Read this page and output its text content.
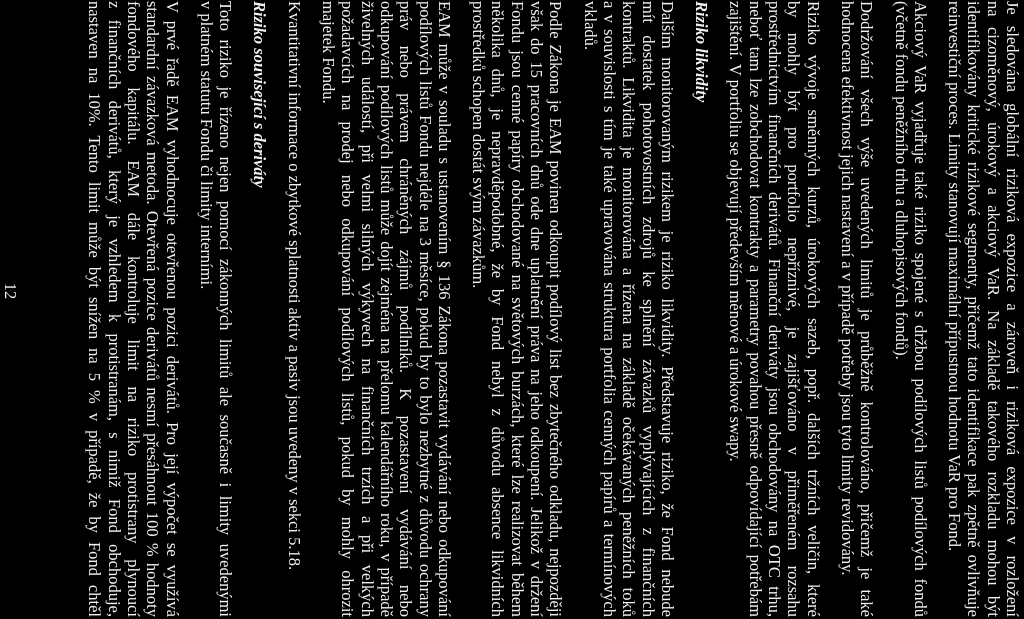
Je sledována globální riziková expozice a zároveň i riziková expozice v rozložení
na cizoměnový, úrokový a akciový VaR. Na základě takového rozkladu mohou být
identifikovány kritické rizikové segmenty, přičemž tato identifikace pak zpětně ovlivňuje
reinvestiční proces. Limity stanovují maximální přípustnou hodnotu VaR pro Fond.
Akciový VaR vyjadřuje také riziko spojené s držbou podílových listů podílových fondů
(včetně fondu peněžního trhu a dluhopisových fondů).
Dodržování všech výše uvedených limitů je průběžně kontrolováno, přičemž je také
hodnocena efektivnost jejich nastavení a v případě potřeby jsou tyto limity revidovány.
Riziko vývoje směnných kurzů, úrokových sazeb, popř. dalších tržních veličin, které
by mohly být pro portfolio nepříznivé, je zajišťováno v přiměřeném rozsahu
prostřednictvím finančních derivátů. Finanční deriváty jsou obchodovány na OTC trhu,
neboť tam lze zobchodovat kontrakty a parametry povahou přesně odpovídající potřebám
zajištění. V portfoliu se objevují především měnové a úrokové swapy.
Riziko likvidity
Dalším monitorovaným rizikem je riziko likvidity. Představuje riziko, že Fond nebude
mít dostatek pohotovostních zdrojů ke splnění závazků vyplývajících z finančních
kontraktů. Likvidita je monitorována a řízena na základě očekávaných peněžních toků
a v souvislosti s tím je také upravována struktura portfolia cenných papírů a termínových
vkladů.
Podle Zákona je EAM povinen odkoupit podílový list bez zbytečného odkladu, nejpozději
však do 15 pracovních dnů ode dne uplatnění práva na jeho odkoupení. Jelikož v držení
Fondu jsou cenné papíry obchodované na světových burzách, které lze realizovat během
několika dnů, je nepravděpodobné, že by Fond nebyl z důvodu absence likvidních
prostředků schopen dostát svým závazkům.
EAM může v souladu s ustanovením § 136 Zákona pozastavit vydávání nebo odkupování
podílových listů Fondu nejdéle na 3 měsíce, pokud by to bylo nezbytné z důvodu ochrany
práv nebo právem chráněných zájmů podílníků. K pozastavení vydávání nebo
odkupování podílových listů může dojít zejména na přelomu kalendářního roku, v případě
živelných událostí, při velmi silných výkyvech na finančních trzích a při velkých
požadavcích na prodej nebo odkupování podílových listů, pokud by mohly ohrozit
majetek Fondu.
Kvantitativní informace o zbytkové splatnosti aktiv a pasiv jsou uvedeny v sekci 5.18.
Riziko související s deriváty
Toto riziko je řízeno nejen pomocí zákonných limitů ale současně i limity uvedenými
v platném statutu Fondu či limity interními.
V prvé řadě EAM vyhodnocuje otevřenou pozici derivátů. Pro její výpočet se využívá
standardní závazková metoda. Otevřená pozice derivátů nesmí přesáhnout 100 % hodnoty
fondového kapitálu. EAM dále kontroluje limit na riziko protistrany plynoucí
z finančních derivátů, který je vzhledem k protistranám, s nimiž Fond obchoduje,
nastaven na 10%. Tento limit může být snížen na 5 % v případě, že by Fond chtěl
12
